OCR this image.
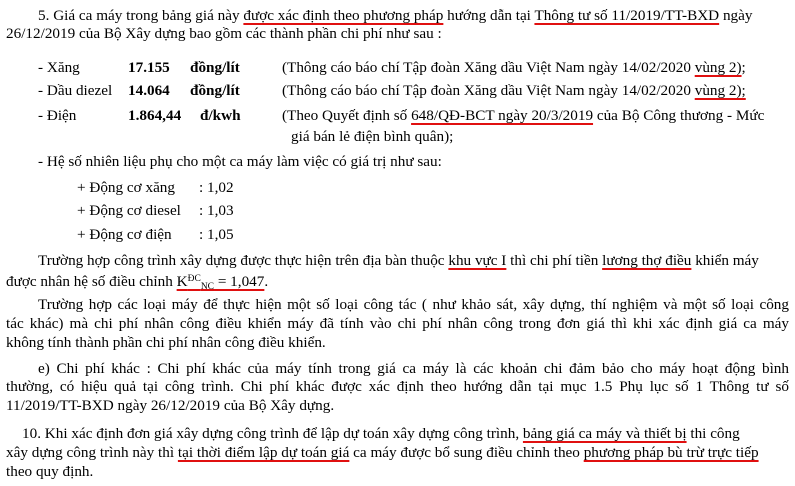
5. Giá ca máy trong bảng giá này được xác định theo phương pháp hướng dẫn tại Thông tư số 11/2019/TT-BXD ngày
26/12/2019 của Bộ Xây dựng bao gồm các thành phần chi phí như sau :
- Xăng	17.155 đồng/lít	(Thông cáo báo chí Tập đoàn Xăng dầu Việt Nam ngày 14/02/2020 vùng 2);
- Dầu diezel 14.064 đồng/lít	(Thông cáo báo chí Tập đoàn Xăng dầu Việt Nam ngày 14/02/2020 vùng 2);
- Điện	1.864,44 đ/kwh	(Theo Quyết định số 648/QĐ-BCT ngày 20/3/2019 của Bộ Công thương - Mức
giá bán lẻ điện bình quân);
- Hệ số nhiên liệu phụ cho một ca máy làm việc có giá trị như sau:
+ Động cơ xăng : 1,02
+ Động cơ diesel : 1,03
+ Động cơ điện : 1,05
Trường hợp công trình xây dựng được thực hiện trên địa bàn thuộc khu vực I thì chi phí tiền lương thợ điều khiển máy
được nhân hệ số điều chỉnh $K^{ĐC}NC = 1,047$.
Trường hợp các loại máy để thực hiện một số loại công tác ( như khảo sát, xây dựng, thí nghiệm và một số loại công
tác khác) mà chi phí nhân công điều khiển máy đã tính vào chi phí nhân công trong đơn giá thì khi xác định giá ca máy
không tính thành phần chi phí nhân công điều khiển.
e) Chi phí khác : Chi phí khác của máy tính trong giá ca máy là các khoản chi đảm bảo cho máy hoạt động bình
thường, có hiệu quả tại công trình. Chi phí khác được xác định theo hướng dẫn tại mục 1.5 Phụ lục số 1 Thông tư số
11/2019/TT-BXD ngày 26/12/2019 của Bộ Xây dựng.
10. Khi xác định đơn giá xây dựng công trình để lập dự toán xây dựng công trình, bảng giá ca máy và thiết bị thi công
xây dựng công trình này thì tại thời điểm lập dự toán giá ca máy được bổ sung điều chỉnh theo phương pháp bù trừ trực tiếp
theo quy định.
